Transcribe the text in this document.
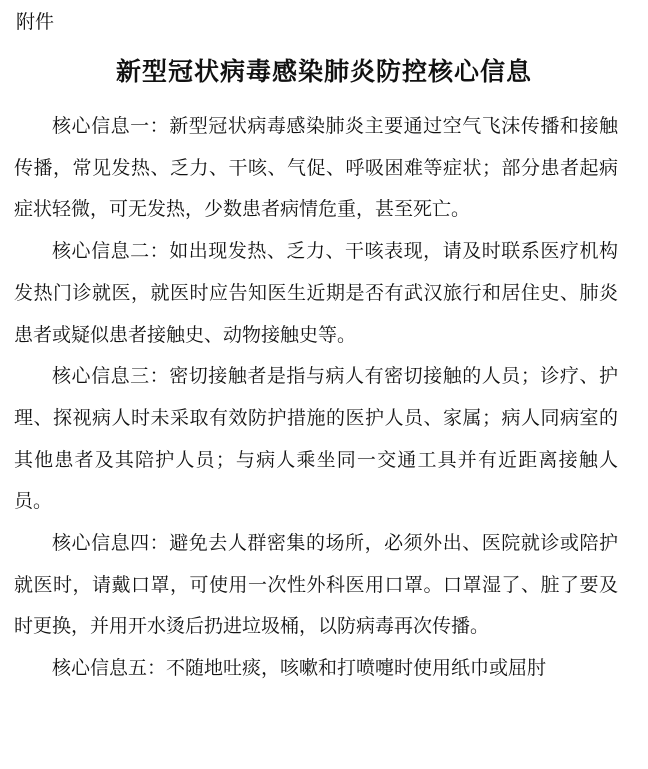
附件
新型冠状病毒感染肺炎防控核心信息

核心信息一：新型冠状病毒感染肺炎主要通过空气飞沫传播和接触传播，常见发热、乏力、干咳、气促、呼吸困难等症状；部分患者起病症状轻微，可无发热，少数患者病情危重，甚至死亡。

核心信息二：如出现发热、乏力、干咳表现，请及时联系医疗机构发热门诊就医，就医时应告知医生近期是否有武汉旅行和居住史、肺炎患者或疑似患者接触史、动物接触史等。

核心信息三：密切接触者是指与病人有密切接触的人员；诊疗、护理、探视病人时未采取有效防护措施的医护人员、家属；病人同病室的其他患者及其陪护人员；与病人乘坐同一交通工具并有近距离接触人员。

核心信息四：避免去人群密集的场所，必须外出、医院就诊或陪护就医时，请戴口罩，可使用一次性外科医用口罩。口罩湿了、脏了要及时更换，并用开水烫后扔进垃圾桶，以防病毒再次传播。

核心信息五：不随地吐痰，咳嗽和打喷嚏时使用纸巾或屈肘
